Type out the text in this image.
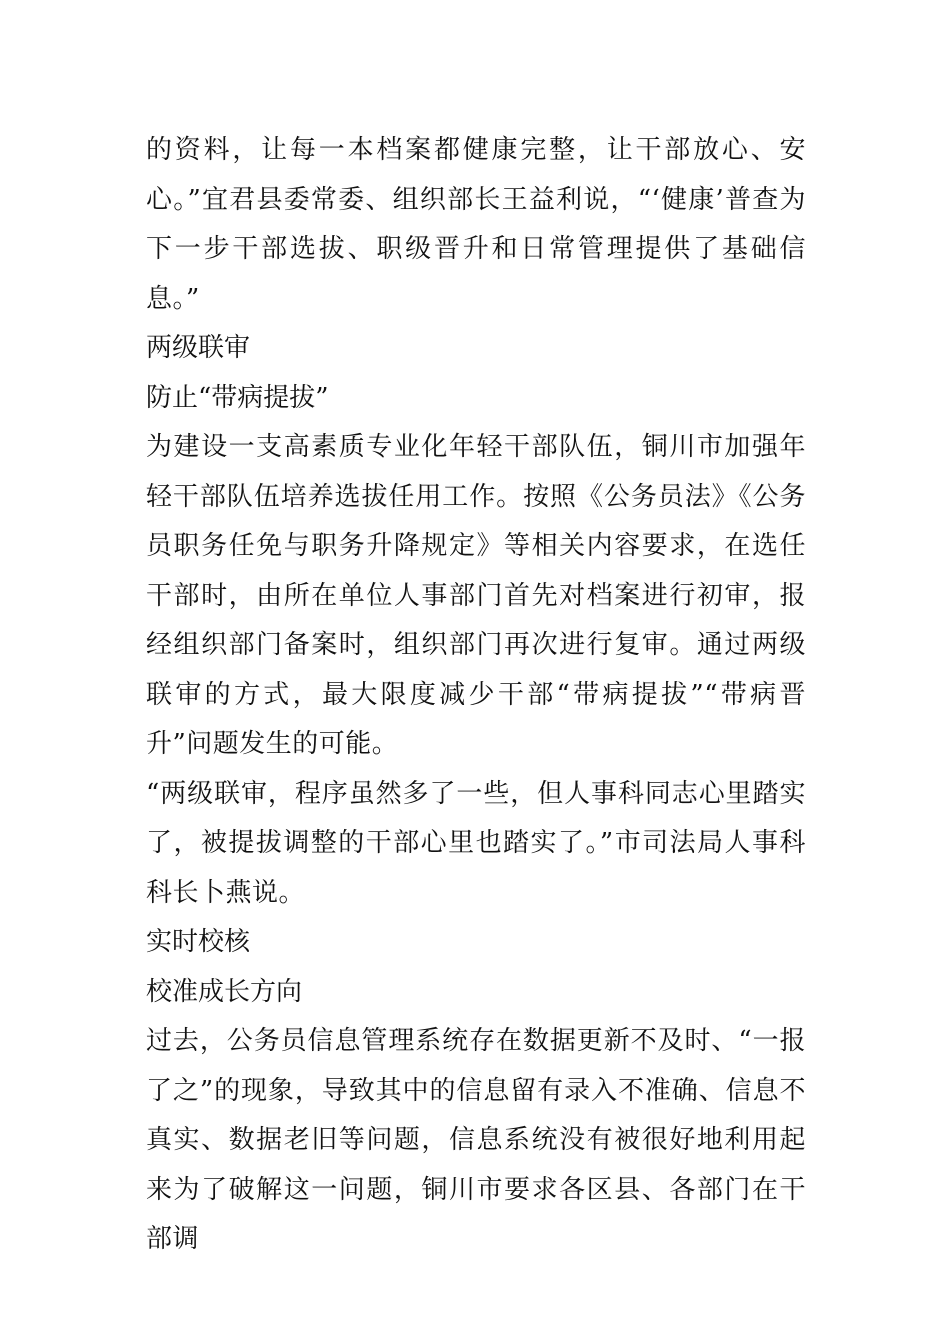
的资料，让每一本档案都健康完整，让干部放心、安心。”宜君县委常委、组织部长王益利说，“‘健康’普查为下一步干部选拔、职级晋升和日常管理提供了基础信息。”

两级联审

防止“带病提拔”

为建设一支高素质专业化年轻干部队伍，铜川市加强年轻干部队伍培养选拔任用工作。按照《公务员法》《公务员职务任免与职务升降规定》等相关内容要求，在选任干部时，由所在单位人事部门首先对档案进行初审，报经组织部门备案时，组织部门再次进行复审。通过两级联审的方式，最大限度减少干部“带病提拔”“带病晋升”问题发生的可能。

“两级联审，程序虽然多了一些，但人事科同志心里踏实了，被提拔调整的干部心里也踏实了。”市司法局人事科科长卜燕说。

实时校核

校准成长方向

过去，公务员信息管理系统存在数据更新不及时、“一报了之”的现象，导致其中的信息留有录入不准确、信息不真实、数据老旧等问题，信息系统没有被很好地利用起来为了破解这一问题，铜川市要求各区县、各部门在干部调
